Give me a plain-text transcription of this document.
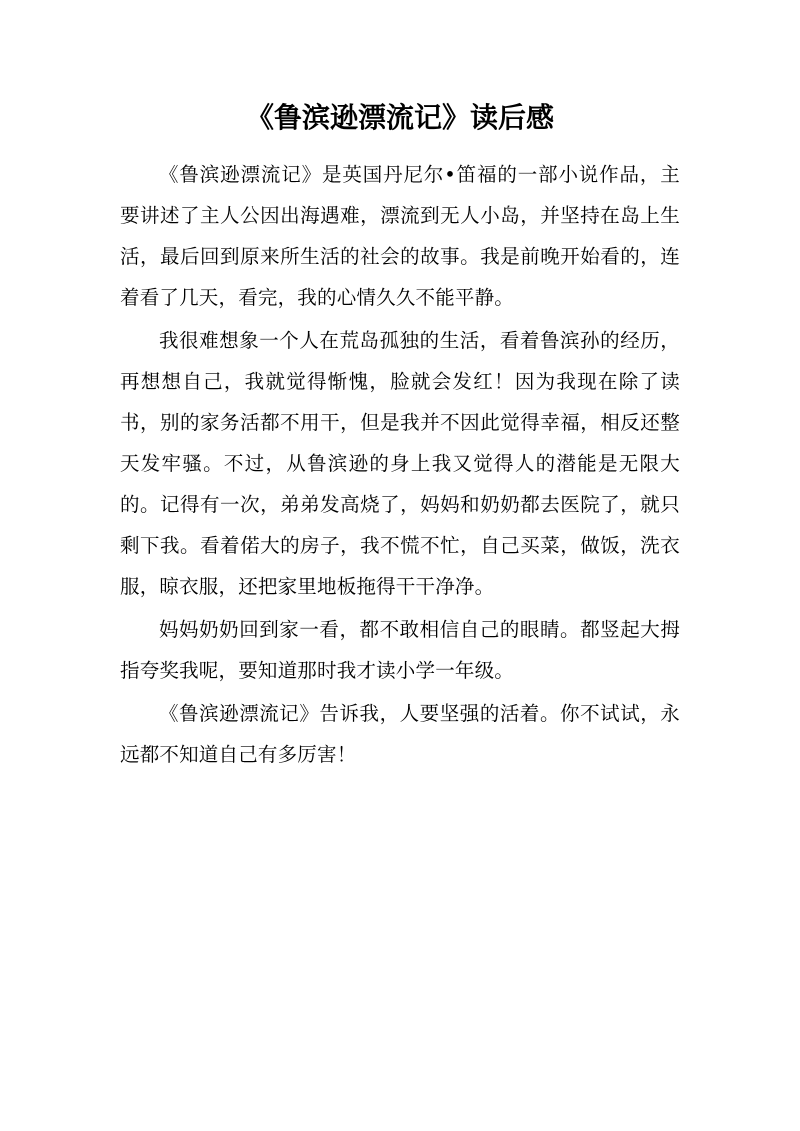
《鲁滨逊漂流记》读后感

《鲁滨逊漂流记》是英国丹尼尔•笛福的一部小说作品，主要讲述了主人公因出海遇难，漂流到无人小岛，并坚持在岛上生活，最后回到原来所生活的社会的故事。我是前晚开始看的，连着看了几天，看完，我的心情久久不能平静。

我很难想象一个人在荒岛孤独的生活，看着鲁滨孙的经历，再想想自己，我就觉得惭愧，脸就会发红！因为我现在除了读书，别的家务活都不用干，但是我并不因此觉得幸福，相反还整天发牢骚。不过，从鲁滨逊的身上我又觉得人的潜能是无限大的。记得有一次，弟弟发高烧了，妈妈和奶奶都去医院了，就只剩下我。看着偌大的房子，我不慌不忙，自己买菜，做饭，洗衣服，晾衣服，还把家里地板拖得干干净净。

妈妈奶奶回到家一看，都不敢相信自己的眼睛。都竖起大拇指夸奖我呢，要知道那时我才读小学一年级。

《鲁滨逊漂流记》告诉我，人要坚强的活着。你不试试，永远都不知道自己有多厉害！
